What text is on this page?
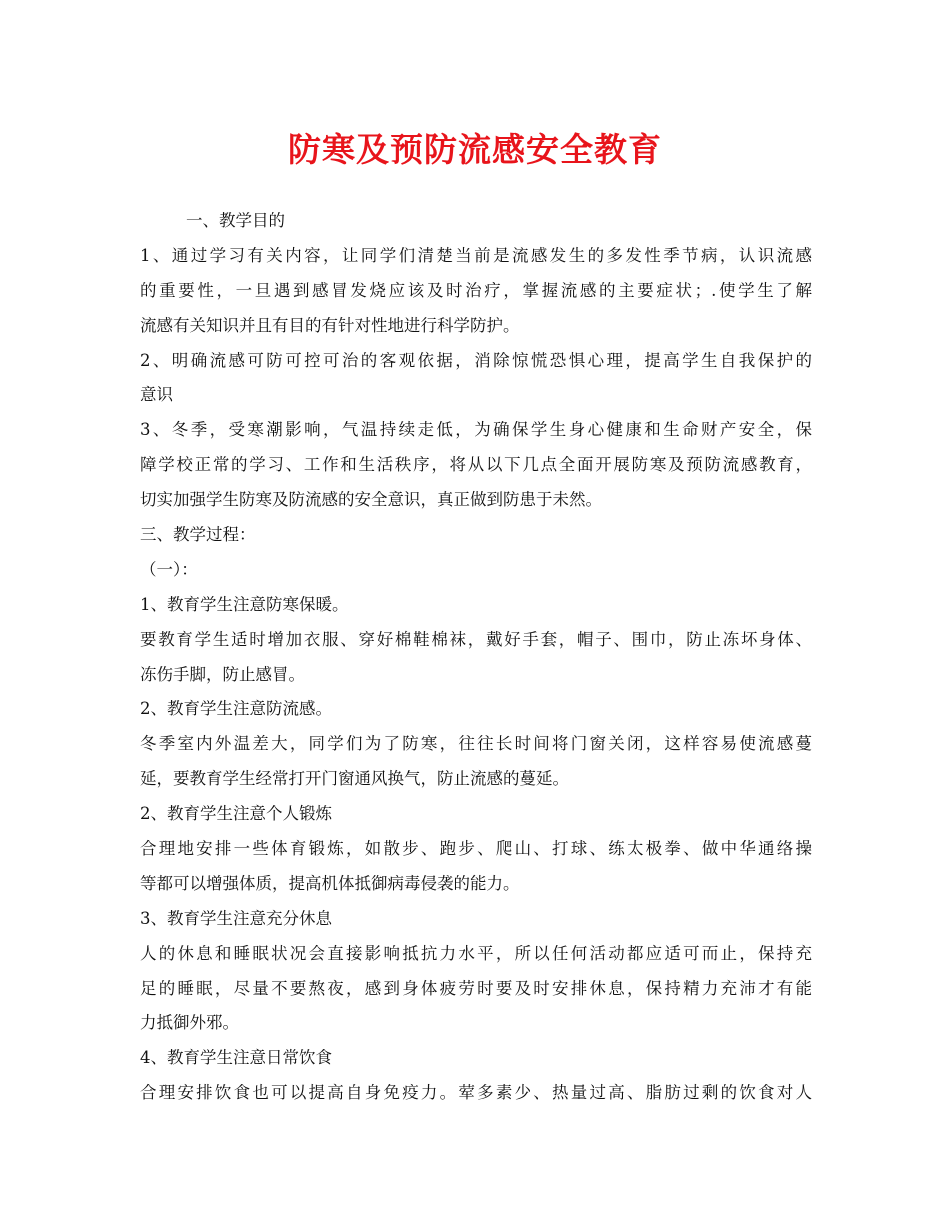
防寒及预防流感安全教育
一、教学目的
1、通过学习有关内容，让同学们清楚当前是流感发生的多发性季节病，认识流感
的重要性，一旦遇到感冒发烧应该及时治疗，掌握流感的主要症状；.使学生了解
流感有关知识并且有目的有针对性地进行科学防护。
2、明确流感可防可控可治的客观依据，消除惊慌恐惧心理，提高学生自我保护的
意识
3、冬季，受寒潮影响，气温持续走低，为确保学生身心健康和生命财产安全，保
障学校正常的学习、工作和生活秩序，将从以下几点全面开展防寒及预防流感教育，
切实加强学生防寒及防流感的安全意识，真正做到防患于未然。
三、教学过程：
（一）：
1、教育学生注意防寒保暖。
要教育学生适时增加衣服、穿好棉鞋棉袜，戴好手套，帽子、围巾，防止冻坏身体、
冻伤手脚，防止感冒。
2、教育学生注意防流感。
冬季室内外温差大，同学们为了防寒，往往长时间将门窗关闭，这样容易使流感蔓
延，要教育学生经常打开门窗通风换气，防止流感的蔓延。
2、教育学生注意个人锻炼
合理地安排一些体育锻炼，如散步、跑步、爬山、打球、练太极拳、做中华通络操
等都可以增强体质，提高机体抵御病毒侵袭的能力。
3、教育学生注意充分休息
人的休息和睡眠状况会直接影响抵抗力水平，所以任何活动都应适可而止，保持充
足的睡眠，尽量不要熬夜，感到身体疲劳时要及时安排休息，保持精力充沛才有能
力抵御外邪。
4、教育学生注意日常饮食
合理安排饮食也可以提高自身免疫力。荤多素少、热量过高、脂肪过剩的饮食对人
